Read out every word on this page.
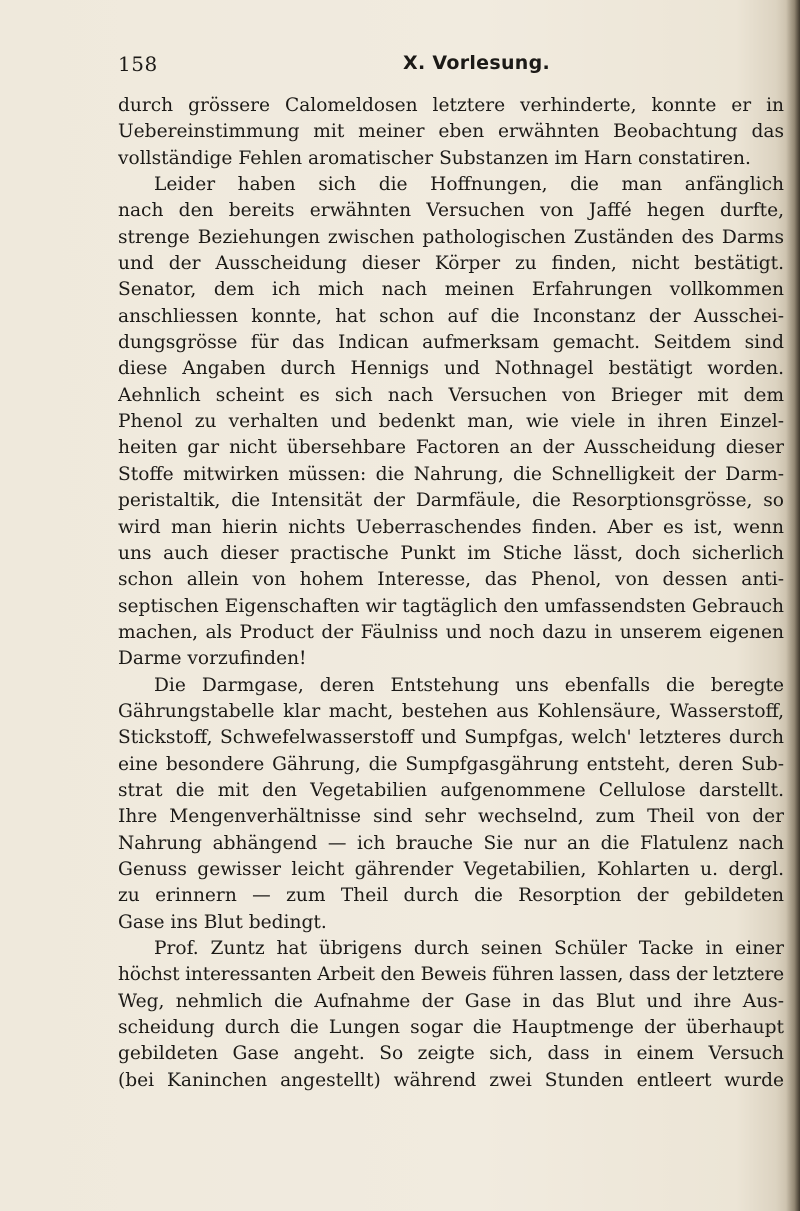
158	X. Vorlesung.
durch grössere Calomeldosen letztere verhinderte, konnte er in
Uebereinstimmung mit meiner eben erwähnten Beobachtung das
vollständige Fehlen aromatischer Substanzen im Harn constatiren.
Leider haben sich die Hoffnungen, die man anfänglich
nach den bereits erwähnten Versuchen von Jaffé hegen durfte,
strenge Beziehungen zwischen pathologischen Zuständen des Darms
und der Ausscheidung dieser Körper zu finden, nicht bestätigt.
Senator, dem ich mich nach meinen Erfahrungen vollkommen
anschliessen konnte, hat schon auf die Inconstanz der Ausschei-
dungsgrösse für das Indican aufmerksam gemacht. Seitdem sind
diese Angaben durch Hennigs und Nothnagel bestätigt worden.
Aehnlich scheint es sich nach Versuchen von Brieger mit dem
Phenol zu verhalten und bedenkt man, wie viele in ihren Einzel-
heiten gar nicht übersehbare Factoren an der Ausscheidung dieser
Stoffe mitwirken müssen: die Nahrung, die Schnelligkeit der Darm-
peristaltik, die Intensität der Darmfäule, die Resorptionsgrösse, so
wird man hierin nichts Ueberraschendes finden. Aber es ist, wenn
uns auch dieser practische Punkt im Stiche lässt, doch sicherlich
schon allein von hohem Interesse, das Phenol, von dessen anti-
septischen Eigenschaften wir tagtäglich den umfassendsten Gebrauch
machen, als Product der Fäulniss und noch dazu in unserem eigenen
Darme vorzufinden!
Die Darmgase, deren Entstehung uns ebenfalls die beregte
Gährungstabelle klar macht, bestehen aus Kohlensäure, Wasserstoff,
Stickstoff, Schwefelwasserstoff und Sumpfgas, welch' letzteres durch
eine besondere Gährung, die Sumpfgasgährung entsteht, deren Sub-
strat die mit den Vegetabilien aufgenommene Cellulose darstellt.
Ihre Mengenverhältnisse sind sehr wechselnd, zum Theil von der
Nahrung abhängend — ich brauche Sie nur an die Flatulenz nach
Genuss gewisser leicht gährender Vegetabilien, Kohlarten u. dergl.
zu erinnern — zum Theil durch die Resorption der gebildeten
Gase ins Blut bedingt.
Prof. Zuntz hat übrigens durch seinen Schüler Tacke in einer
höchst interessanten Arbeit den Beweis führen lassen, dass der letztere
Weg, nehmlich die Aufnahme der Gase in das Blut und ihre Aus-
scheidung durch die Lungen sogar die Hauptmenge der überhaupt
gebildeten Gase angeht. So zeigte sich, dass in einem Versuch
(bei Kaninchen angestellt) während zwei Stunden entleert wurde
